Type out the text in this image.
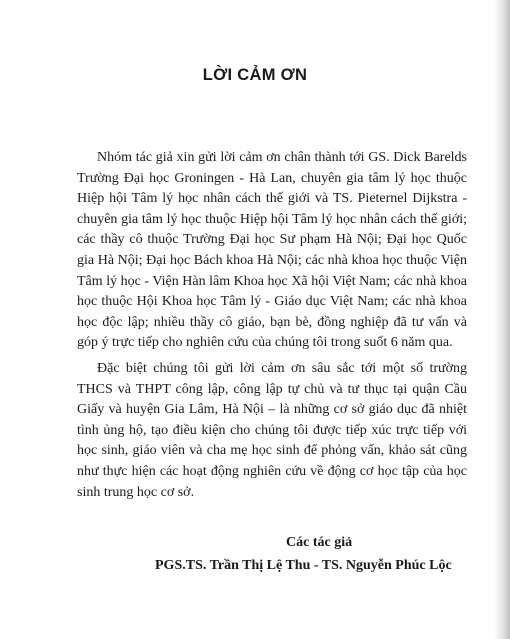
LỜI CẢM ƠN

Nhóm tác giả xin gửi lời cảm ơn chân thành tới GS. Dick Barelds Trường Đại học Groningen - Hà Lan, chuyên gia tâm lý học thuộc Hiệp hội Tâm lý học nhân cách thế giới và TS. Pieternel Dijkstra - chuyên gia tâm lý học thuộc Hiệp hội Tâm lý học nhân cách thế giới; các thầy cô thuộc Trường Đại học Sư phạm Hà Nội; Đại học Quốc gia Hà Nội; Đại học Bách khoa Hà Nội; các nhà khoa học thuộc Viện Tâm lý học - Viện Hàn lâm Khoa học Xã hội Việt Nam; các nhà khoa học thuộc Hội Khoa học Tâm lý - Giáo dục Việt Nam; các nhà khoa học độc lập; nhiều thầy cô giáo, bạn bè, đồng nghiệp đã tư vấn và góp ý trực tiếp cho nghiên cứu của chúng tôi trong suốt 6 năm qua.

Đặc biệt chúng tôi gửi lời cảm ơn sâu sắc tới một số trường THCS và THPT công lập, công lập tự chủ và tư thục tại quận Cầu Giấy và huyện Gia Lâm, Hà Nội – là những cơ sở giáo dục đã nhiệt tình ủng hộ, tạo điều kiện cho chúng tôi được tiếp xúc trực tiếp với học sinh, giáo viên và cha mẹ học sinh để phỏng vấn, khảo sát cũng như thực hiện các hoạt động nghiên cứu về động cơ học tập của học sinh trung học cơ sở.

Các tác giả
PGS.TS. Trần Thị Lệ Thu - TS. Nguyễn Phúc Lộc
